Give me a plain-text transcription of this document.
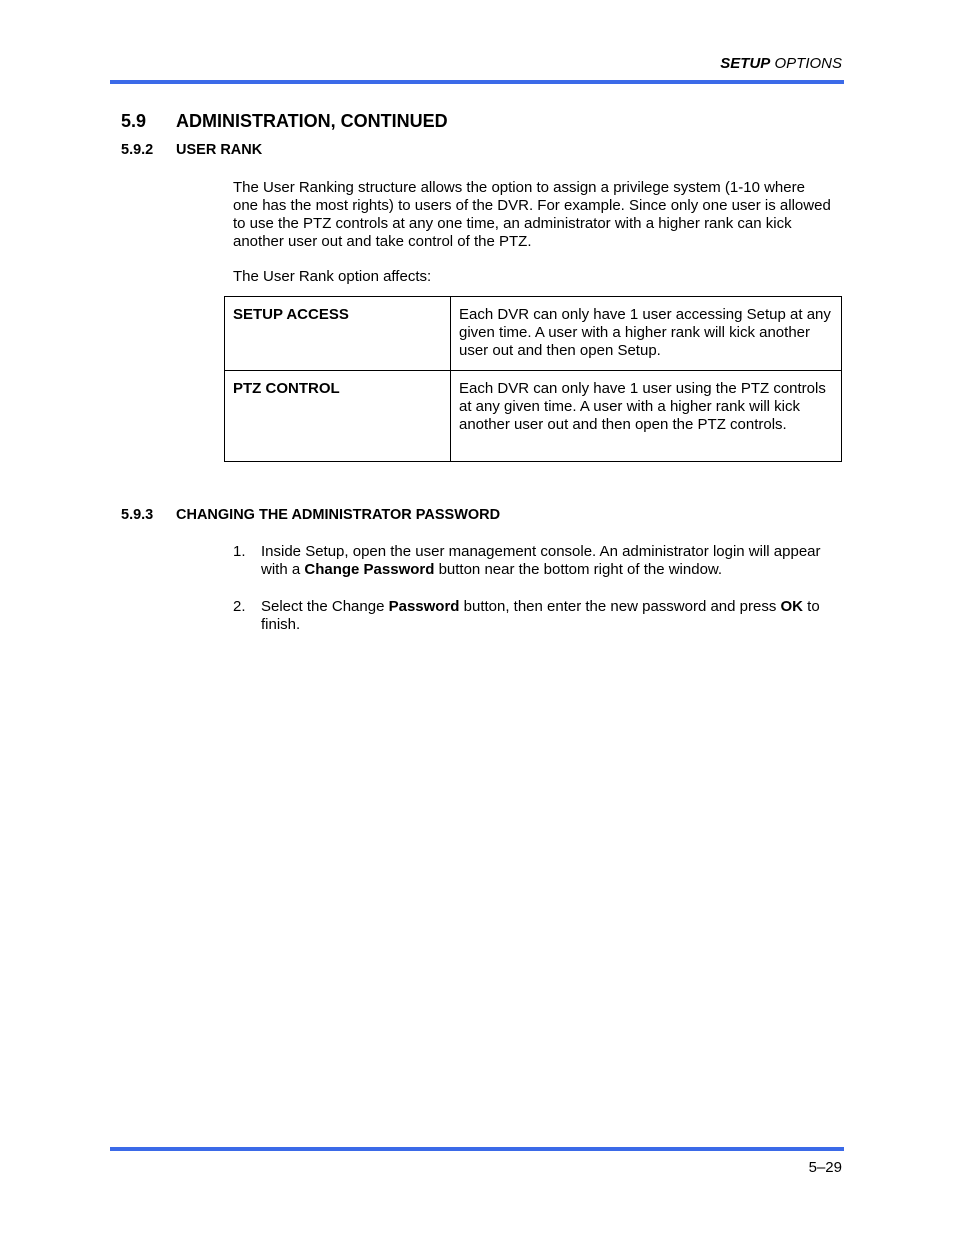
SETUP OPTIONS
5.9 ADMINISTRATION, CONTINUED
5.9.2 USER RANK

The User Ranking structure allows the option to assign a privilege system (1-10 where one has the most rights) to users of the DVR. For example. Since only one user is allowed to use the PTZ controls at any one time, an administrator with a higher rank can kick another user out and take control of the PTZ.

The User Rank option affects:

SETUP ACCESS	Each DVR can only have 1 user accessing Setup at any given time. A user with a higher rank will kick another user out and then open Setup.
PTZ CONTROL	Each DVR can only have 1 user using the PTZ controls at any given time. A user with a higher rank will kick another user out and then open the PTZ controls.
5.9.3 CHANGING THE ADMINISTRATOR PASSWORD
1. Inside Setup, open the user management console. An administrator login will appear with a Change Password button near the bottom right of the window.
2. Select the Change Password button, then enter the new password and press OK to finish.
5–29
